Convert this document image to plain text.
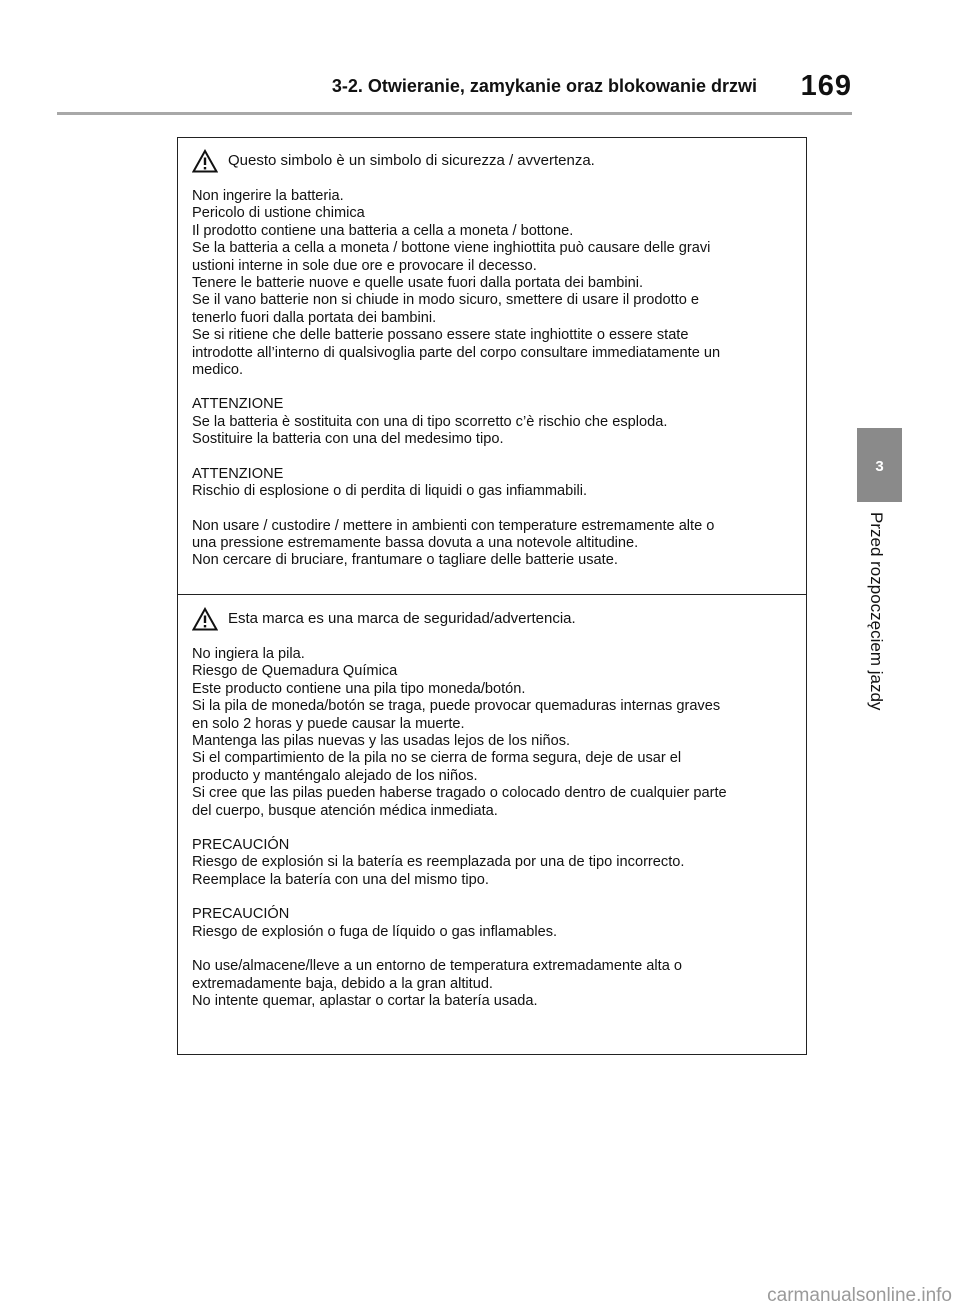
3-2. Otwieranie, zamykanie oraz blokowanie drzwi 169
3
Przed rozpoczęciem jazdy
Questo simbolo è un simbolo di sicurezza / avvertenza.
Non ingerire la batteria.
Pericolo di ustione chimica
Il prodotto contiene una batteria a cella a moneta / bottone.
Se la batteria a cella a moneta / bottone viene inghiottita può causare delle gravi
ustioni interne in sole due ore e provocare il decesso.
Tenere le batterie nuove e quelle usate fuori dalla portata dei bambini.
Se il vano batterie non si chiude in modo sicuro, smettere di usare il prodotto e
tenerlo fuori dalla portata dei bambini.
Se si ritiene che delle batterie possano essere state inghiottite o essere state
introdotte all’interno di qualsivoglia parte del corpo consultare immediatamente un
medico.
ATTENZIONE
Se la batteria è sostituita con una di tipo scorretto c’è rischio che esploda.
Sostituire la batteria con una del medesimo tipo.
ATTENZIONE
Rischio di esplosione o di perdita di liquidi o gas infiammabili.
Non usare / custodire / mettere in ambienti con temperature estremamente alte o
una pressione estremamente bassa dovuta a una notevole altitudine.
Non cercare di bruciare, frantumare o tagliare delle batterie usate.
Esta marca es una marca de seguridad/advertencia.
No ingiera la pila.
Riesgo de Quemadura Química
Este producto contiene una pila tipo moneda/botón.
Si la pila de moneda/botón se traga, puede provocar quemaduras internas graves
en solo 2 horas y puede causar la muerte.
Mantenga las pilas nuevas y las usadas lejos de los niños.
Si el compartimiento de la pila no se cierra de forma segura, deje de usar el
producto y manténgalo alejado de los niños.
Si cree que las pilas pueden haberse tragado o colocado dentro de cualquier parte
del cuerpo, busque atención médica inmediata.
PRECAUCIÓN
Riesgo de explosión si la batería es reemplazada por una de tipo incorrecto.
Reemplace la batería con una del mismo tipo.
PRECAUCIÓN
Riesgo de explosión o fuga de líquido o gas inflamables.
No use/almacene/lleve a un entorno de temperatura extremadamente alta o
extremadamente baja, debido a la gran altitud.
No intente quemar, aplastar o cortar la batería usada.
carmanualsonline.info
